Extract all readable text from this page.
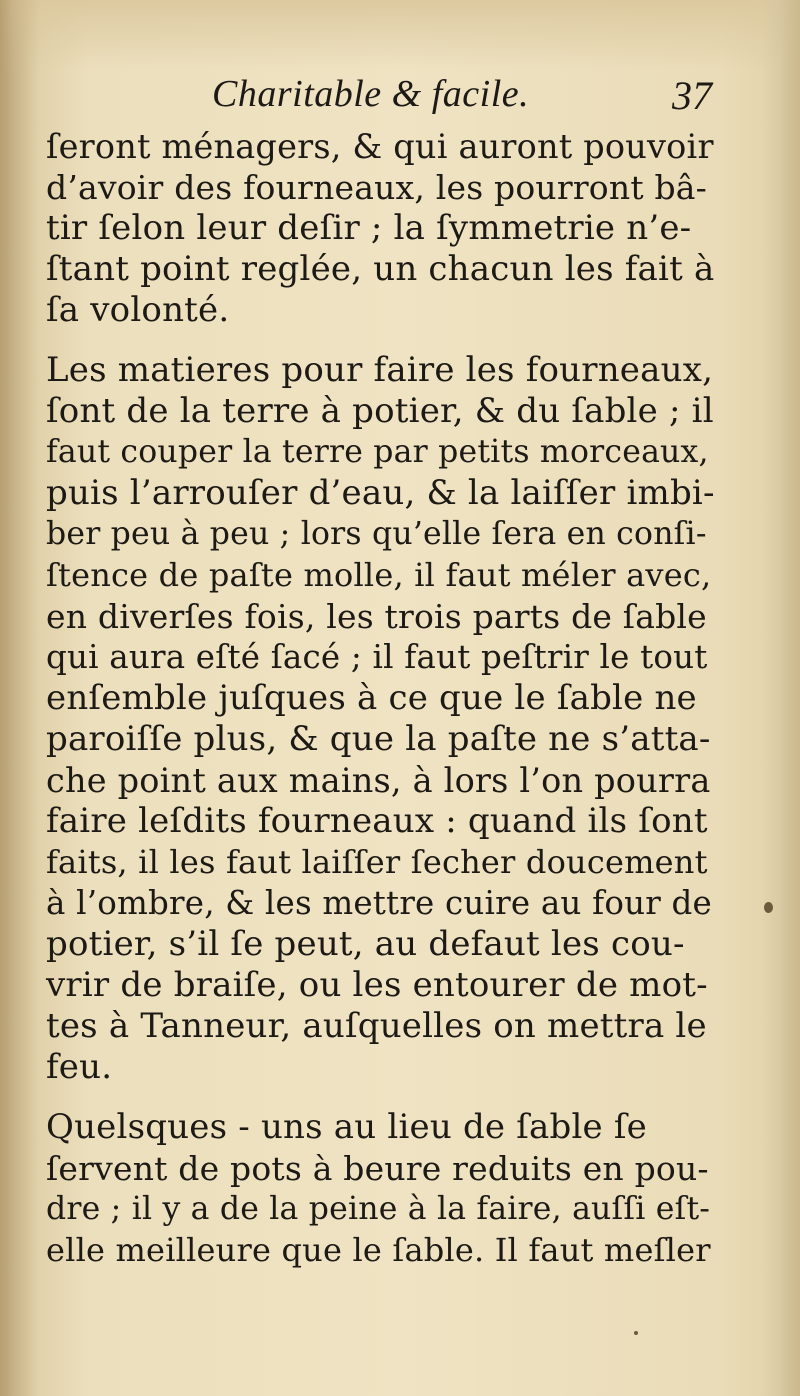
Charitable & facile.	37
ſeront ménagers, & qui auront pouvoir
d’avoir des fourneaux, les pourront bâ-
tir ſelon leur deſir ; la ſymmetrie n’e-
ſtant point reglée, un chacun les fait à
ſa volonté.
Les matieres pour faire les fourneaux,
ſont de la terre à potier, & du ſable ; il
faut couper la terre par petits morceaux,
puis l’arrouſer d’eau, & la laiſſer imbi-
ber peu à peu ; lors qu’elle ſera en conſi-
ſtence de paſte molle, il faut méler avec,
en diverſes fois, les trois parts de ſable
qui aura eſté ſacé ; il faut peſtrir le tout
enſemble juſques à ce que le ſable ne
paroiſſe plus, & que la paſte ne s’atta-
che point aux mains, à lors l’on pourra
faire leſdits fourneaux : quand ils ſont
faits, il les faut laiſſer ſecher doucement
à l’ombre, & les mettre cuire au four de
potier, s’il ſe peut, au defaut les cou-
vrir de braiſe, ou les entourer de mot-
tes à Tanneur, auſquelles on mettra le
feu.
Quelsques - uns au lieu de ſable ſe
ſervent de pots à beure reduits en pou-
dre ; il y a de la peine à la faire, auſſi eſt-
elle meilleure que le ſable. Il faut meſler
